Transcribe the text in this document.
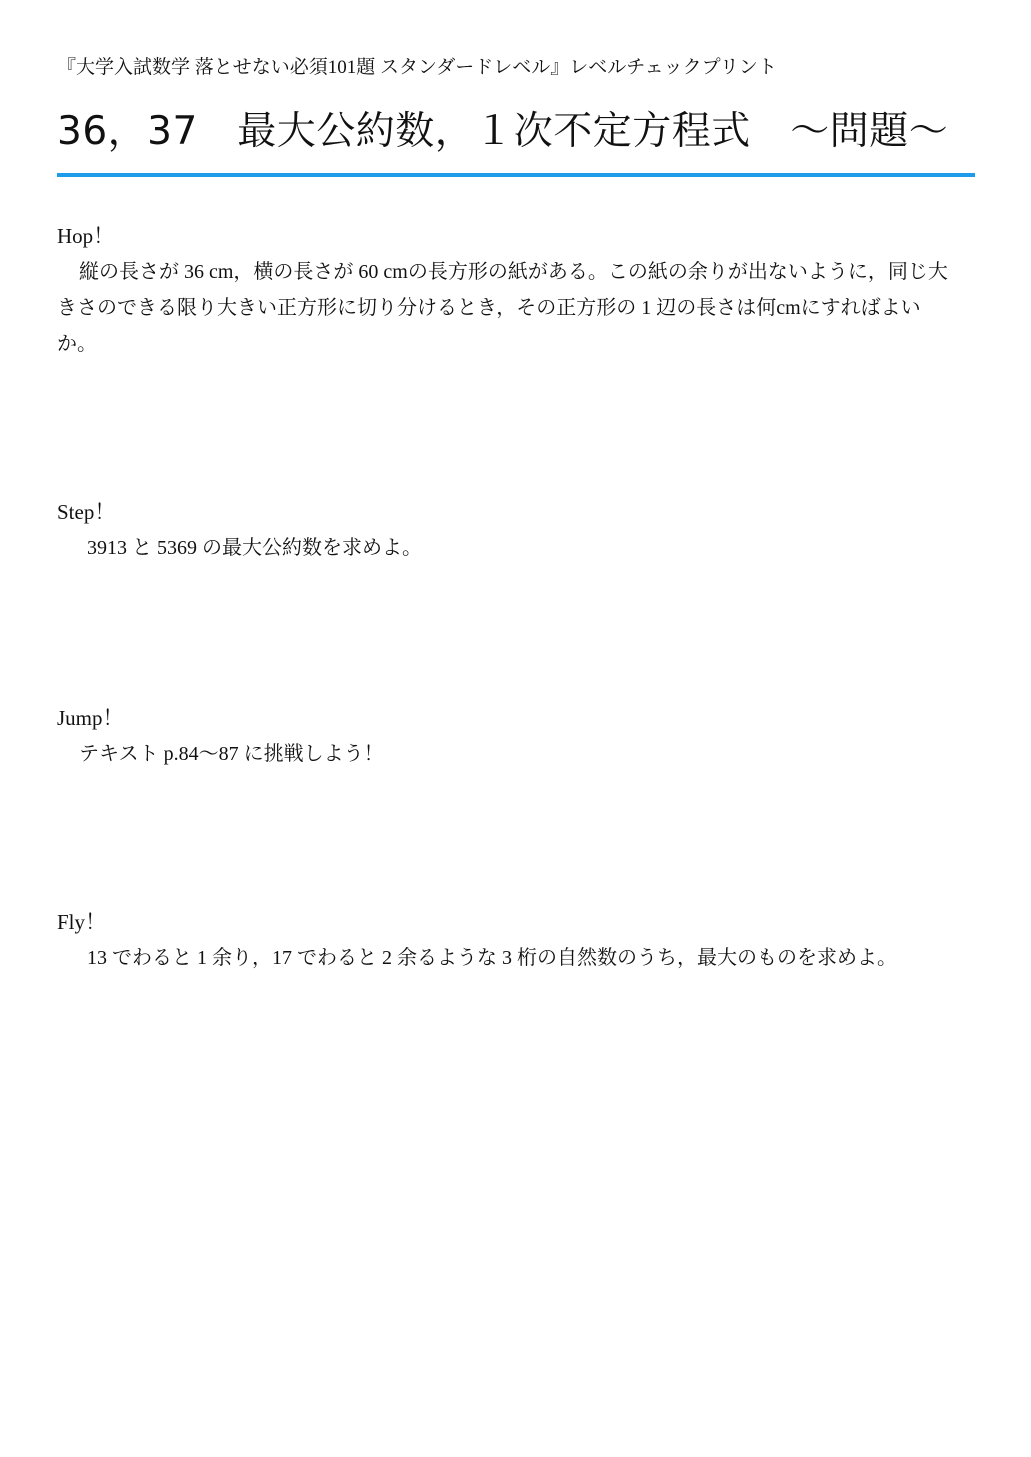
『大学入試数学 落とせない必須101題 スタンダードレベル』レベルチェックプリント
36，37　最大公約数，１次不定方程式　～問題～

Hop！

縦の長さが 36 cm，横の長さが 60 cmの長方形の紙がある。この紙の余りが出ないように，同じ大きさのできる限り大きい正方形に切り分けるとき，その正方形の 1 辺の長さは何cmにすればよいか。

Step！

3913 と 5369 の最大公約数を求めよ。

Jump！

テキスト p.84～87 に挑戦しよう！

Fly！

13 でわると 1 余り，17 でわると 2 余るような 3 桁の自然数のうち，最大のものを求めよ。
